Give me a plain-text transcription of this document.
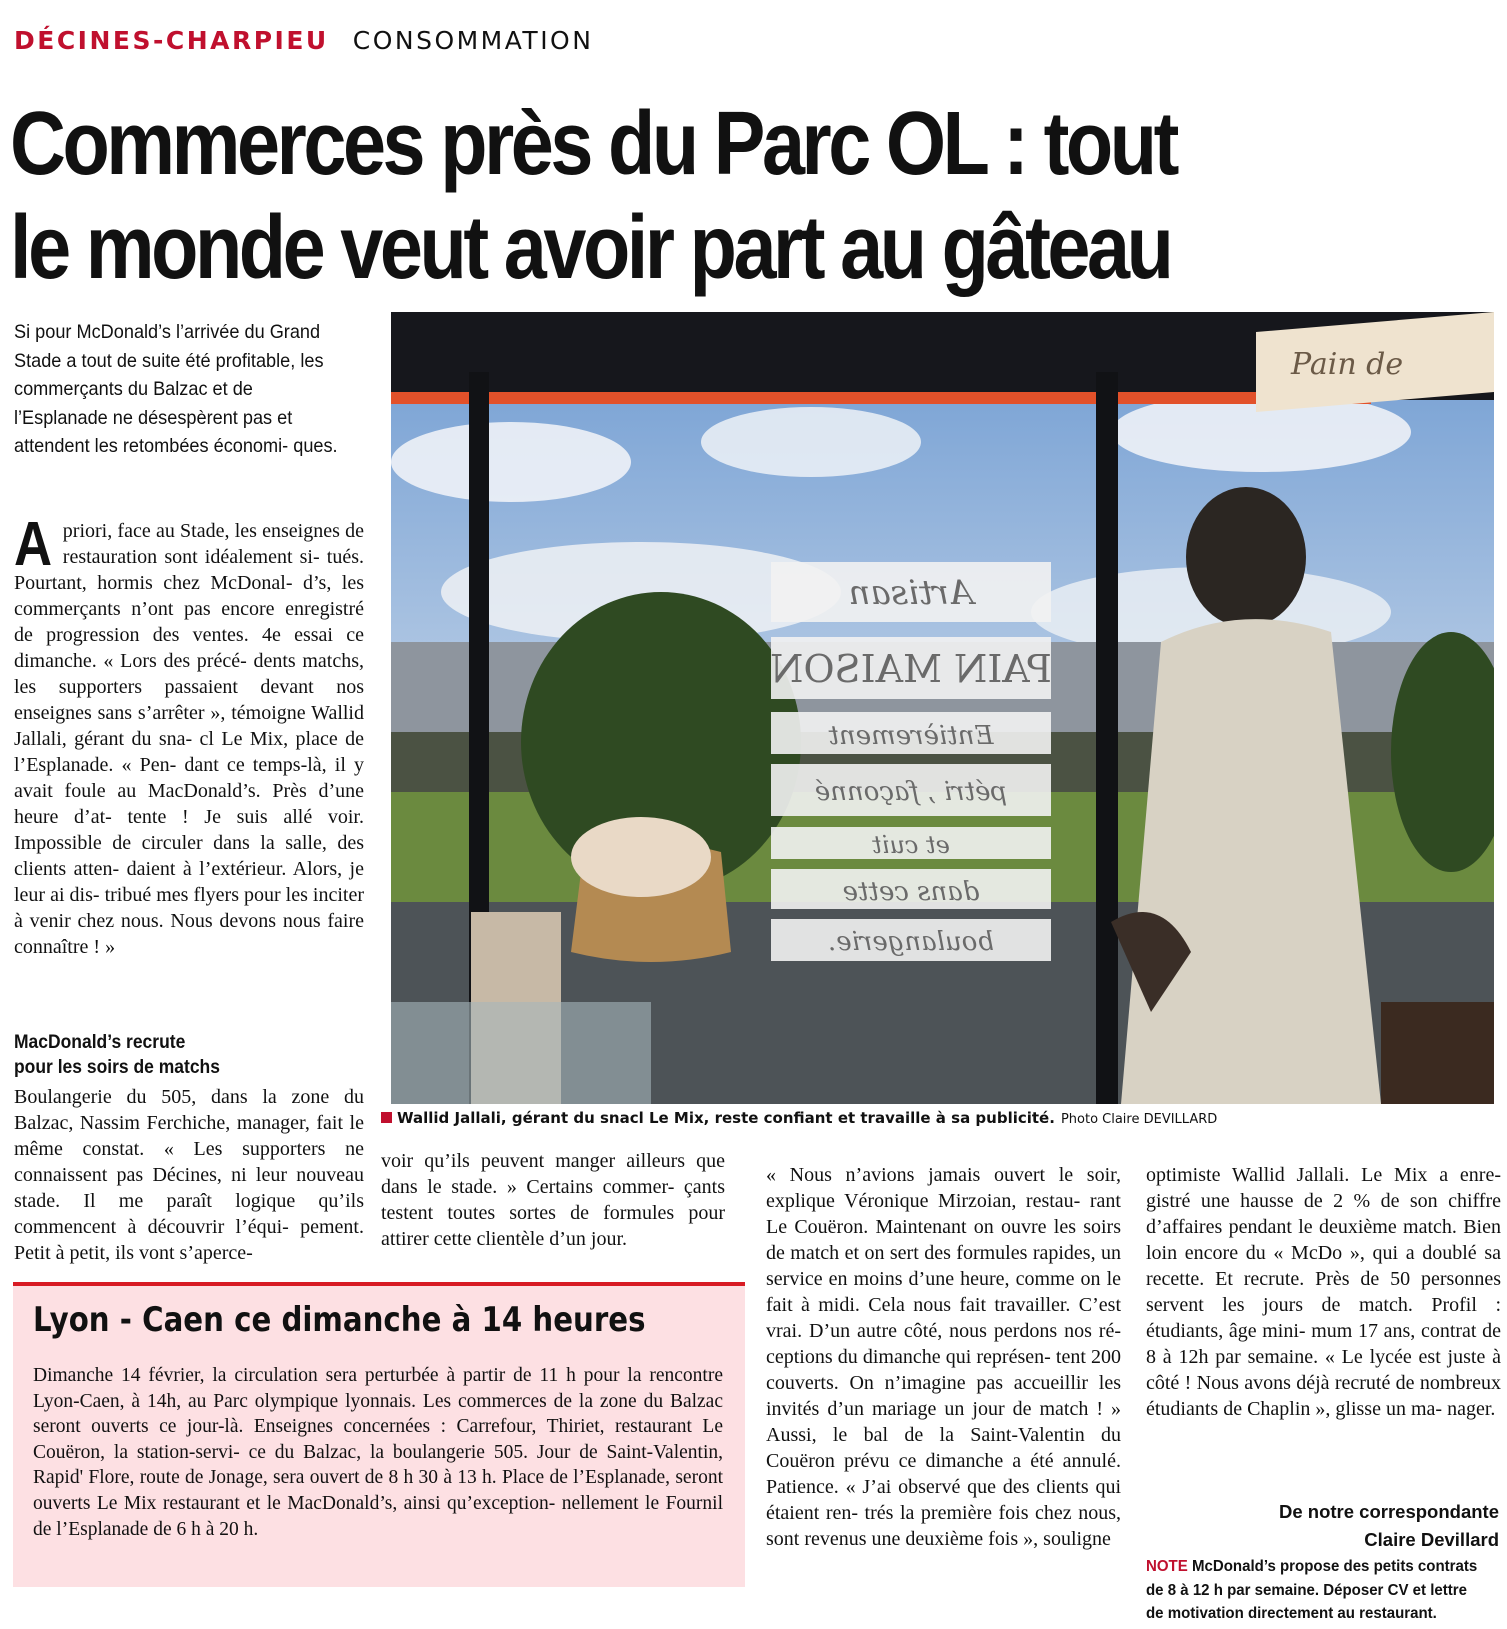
DÉCINES-CHARPIEU CONSOMMATION
Commerces près du Parc OL : tout
le monde veut avoir part au gâteau
Si pour McDonald’s l’arrivée du Grand Stade a tout de suite été profitable, les commerçants du Balzac et de l’Esplanade ne désespèrent pas et attendent les retombées économi- ques.
Apriori, face au Stade, les enseignes de restauration sont idéalement si- tués. Pourtant, hormis chez McDonal- d’s, les commerçants n’ont pas encore enregistré de progression des ventes. 4e essai ce dimanche. « Lors des précé- dents matchs, les supporters passaient devant nos enseignes sans s’arrêter », témoigne Wallid Jallali, gérant du sna- cl Le Mix, place de l’Esplanade. « Pen- dant ce temps-là, il y avait foule au MacDonald’s. Près d’une heure d’at- tente ! Je suis allé voir. Impossible de circuler dans la salle, des clients atten- daient à l’extérieur. Alors, je leur ai dis- tribué mes flyers pour les inciter à venir chez nous. Nous devons nous faire connaître ! »
MacDonald’s recrute
pour les soirs de matchs
Boulangerie du 505, dans la zone du Balzac, Nassim Ferchiche, manager, fait le même constat. « Les supporters ne connaissent pas Décines, ni leur nouveau stade. Il me paraît logique qu’ils commencent à découvrir l’équi- pement. Petit à petit, ils vont s’aperce-
voir qu’ils peuvent manger ailleurs que dans le stade. » Certains commer- çants testent toutes sortes de formules pour attirer cette clientèle d’un jour.
Pain de
Artisan
PAIN MAISON
Entièrement
pétri , façonné
et cuit
dans cette
boulangerie.
Wallid Jallali, gérant du snacl Le Mix, reste confiant et travaille à sa publicité. Photo Claire DEVILLARD
Lyon - Caen ce dimanche à 14 heures
Dimanche 14 février, la circulation sera perturbée à partir de 11 h pour la rencontre Lyon-Caen, à 14h, au Parc olympique lyonnais. Les commerces de la zone du Balzac seront ouverts ce jour-là. Enseignes concernées : Carrefour, Thiriet, restaurant Le Couëron, la station-servi- ce du Balzac, la boulangerie 505. Jour de Saint-Valentin, Rapid' Flore, route de Jonage, sera ouvert de 8 h 30 à 13 h. Place de l’Esplanade, seront ouverts Le Mix restaurant et le MacDonald’s, ainsi qu’exception- nellement le Fournil de l’Esplanade de 6 h à 20 h.
« Nous n’avions jamais ouvert le soir, explique Véronique Mirzoian, restau- rant Le Couëron. Maintenant on ouvre les soirs de match et on sert des formules rapides, un service en moins d’une heure, comme on le fait à midi. Cela nous fait travailler. C’est vrai. D’un autre côté, nous perdons nos ré- ceptions du dimanche qui représen- tent 200 couverts. On n’imagine pas accueillir les invités d’un mariage un jour de match ! » Aussi, le bal de la Saint-Valentin du Couëron prévu ce dimanche a été annulé. Patience. « J’ai observé que des clients qui étaient ren- trés la première fois chez nous, sont revenus une deuxième fois », souligne
optimiste Wallid Jallali. Le Mix a enre- gistré une hausse de 2 % de son chiffre d’affaires pendant le deuxième match. Bien loin encore du « McDo », qui a doublé sa recette. Et recrute. Près de 50 personnes servent les jours de match. Profil : étudiants, âge mini- mum 17 ans, contrat de 8 à 12h par semaine. « Le lycée est juste à côté ! Nous avons déjà recruté de nombreux étudiants de Chaplin », glisse un ma- nager.
De notre correspondante
Claire Devillard
NOTE McDonald’s propose des petits contrats de 8 à 12 h par semaine. Déposer CV et lettre de motivation directement au restaurant.
